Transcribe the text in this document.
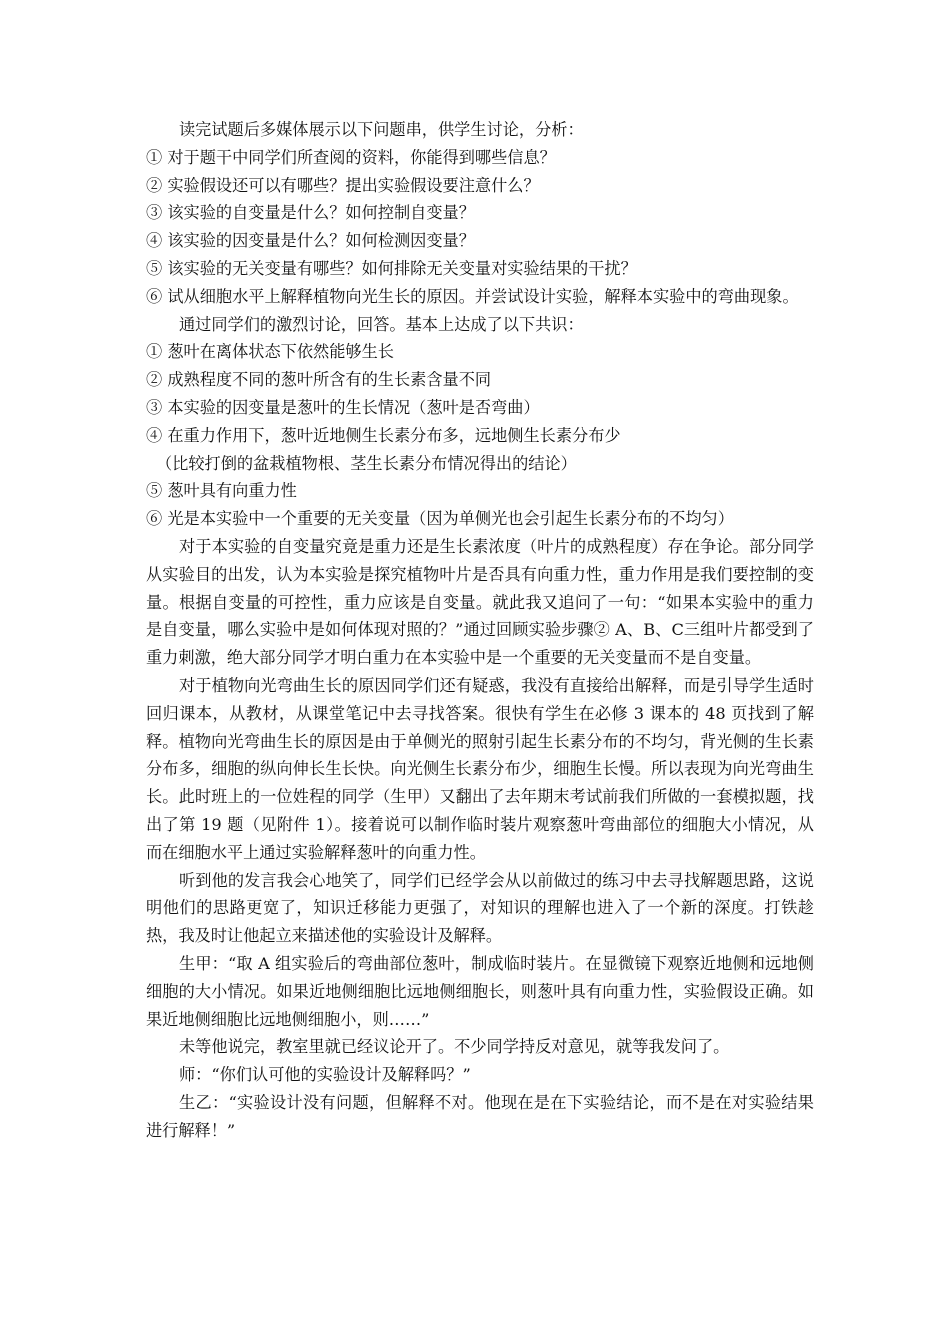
读完试题后多媒体展示以下问题串，供学生讨论，分析：
① 对于题干中同学们所查阅的资料，你能得到哪些信息？
② 实验假设还可以有哪些？提出实验假设要注意什么？
③ 该实验的自变量是什么？如何控制自变量？
④ 该实验的因变量是什么？如何检测因变量？
⑤ 该实验的无关变量有哪些？如何排除无关变量对实验结果的干扰？
⑥ 试从细胞水平上解释植物向光生长的原因。并尝试设计实验，解释本实验中的弯曲现象。
通过同学们的激烈讨论，回答。基本上达成了以下共识：
① 葱叶在离体状态下依然能够生长
② 成熟程度不同的葱叶所含有的生长素含量不同
③ 本实验的因变量是葱叶的生长情况（葱叶是否弯曲）
④ 在重力作用下，葱叶近地侧生长素分布多，远地侧生长素分布少
（比较打倒的盆栽植物根、茎生长素分布情况得出的结论）
⑤ 葱叶具有向重力性
⑥ 光是本实验中一个重要的无关变量（因为单侧光也会引起生长素分布的不均匀）
对于本实验的自变量究竟是重力还是生长素浓度（叶片的成熟程度）存在争论。部分同学从实验目的出发，认为本实验是探究植物叶片是否具有向重力性，重力作用是我们要控制的变量。根据自变量的可控性，重力应该是自变量。就此我又追问了一句：“如果本实验中的重力是自变量，哪么实验中是如何体现对照的？”通过回顾实验步骤② A、B、C三组叶片都受到了重力刺激，绝大部分同学才明白重力在本实验中是一个重要的无关变量而不是自变量。
对于植物向光弯曲生长的原因同学们还有疑惑，我没有直接给出解释，而是引导学生适时回归课本，从教材，从课堂笔记中去寻找答案。很快有学生在必修 3 课本的 48 页找到了解释。植物向光弯曲生长的原因是由于单侧光的照射引起生长素分布的不均匀，背光侧的生长素分布多，细胞的纵向伸长生长快。向光侧生长素分布少，细胞生长慢。所以表现为向光弯曲生长。此时班上的一位姓程的同学（生甲）又翻出了去年期末考试前我们所做的一套模拟题，找出了第 19 题（见附件 1）。接着说可以制作临时装片观察葱叶弯曲部位的细胞大小情况，从而在细胞水平上通过实验解释葱叶的向重力性。
听到他的发言我会心地笑了，同学们已经学会从以前做过的练习中去寻找解题思路，这说明他们的思路更宽了，知识迁移能力更强了，对知识的理解也进入了一个新的深度。打铁趁热，我及时让他起立来描述他的实验设计及解释。
生甲：“取 A 组实验后的弯曲部位葱叶，制成临时装片。在显微镜下观察近地侧和远地侧细胞的大小情况。如果近地侧细胞比远地侧细胞长，则葱叶具有向重力性，实验假设正确。如果近地侧细胞比远地侧细胞小，则……”
未等他说完，教室里就已经议论开了。不少同学持反对意见，就等我发问了。
师：“你们认可他的实验设计及解释吗？”
生乙：“实验设计没有问题，但解释不对。他现在是在下实验结论，而不是在对实验结果进行解释！”
